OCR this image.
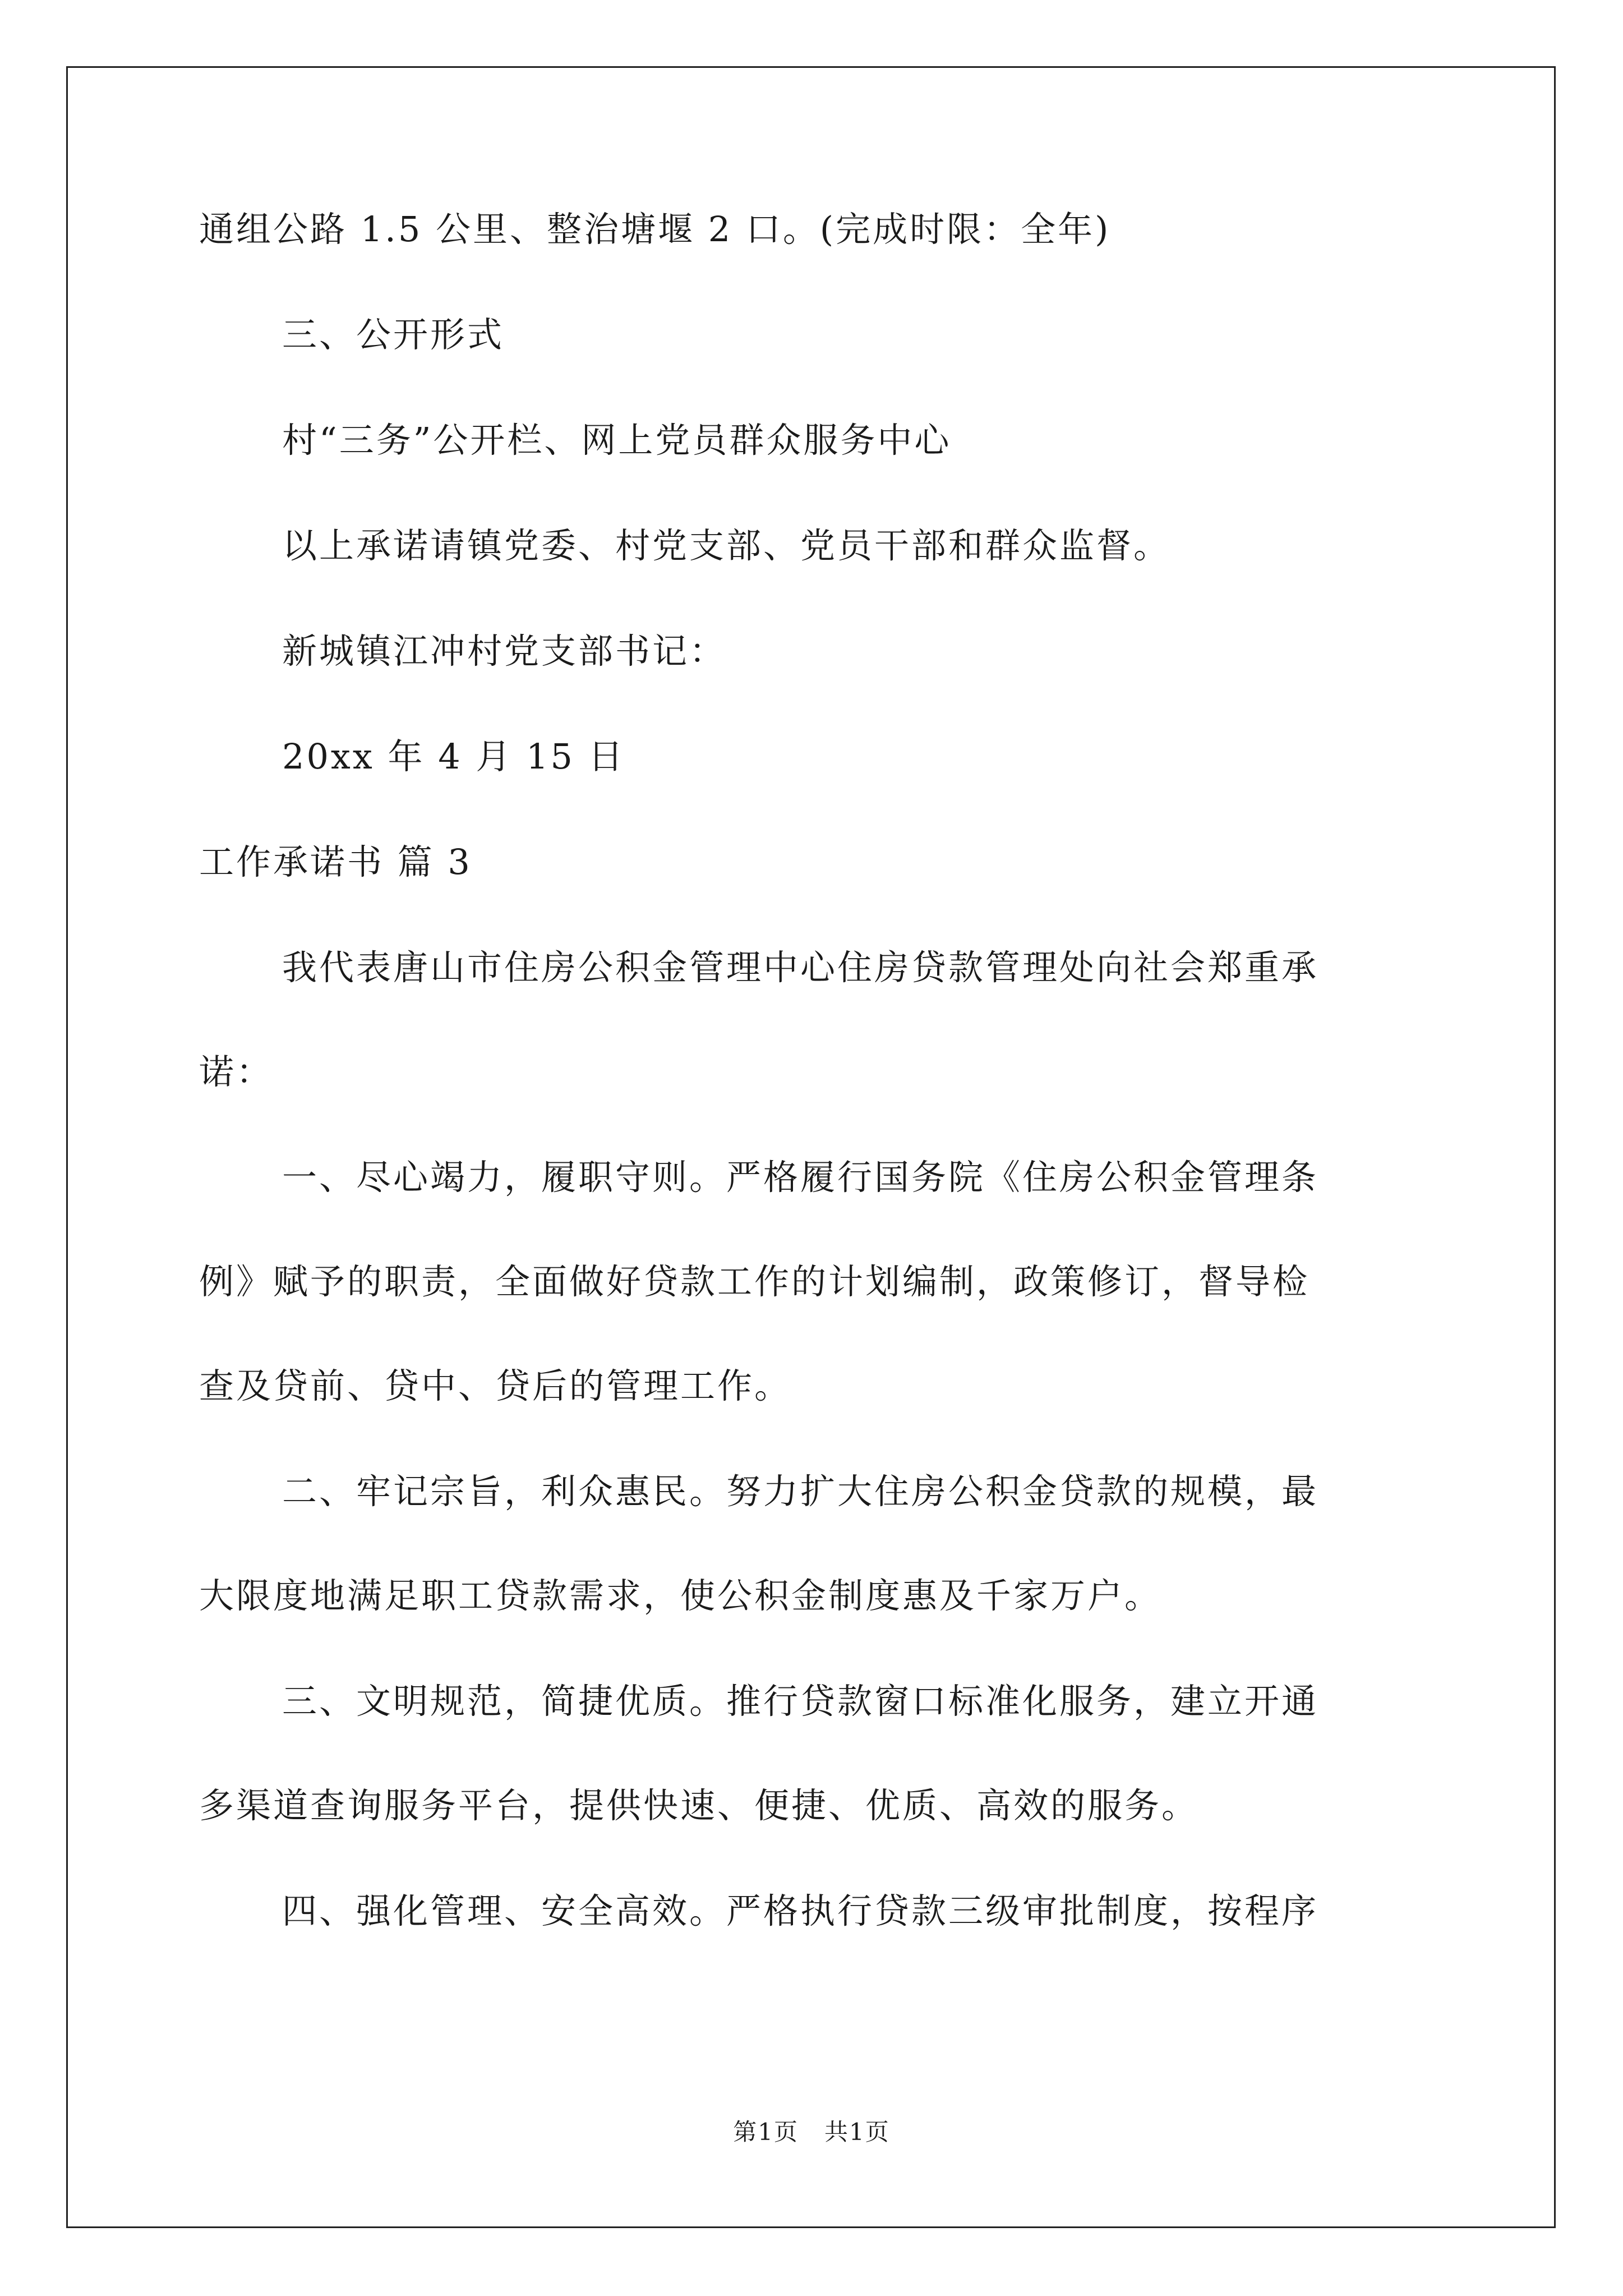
通组公路 1.5 公里、整治塘堰 2 口。(完成时限：全年)
三、公开形式
村“三务”公开栏、网上党员群众服务中心
以上承诺请镇党委、村党支部、党员干部和群众监督。
新城镇江冲村党支部书记：
20xx 年 4 月 15 日
工作承诺书 篇 3
我代表唐山市住房公积金管理中心住房贷款管理处向社会郑重承
诺：
一、尽心竭力，履职守则。严格履行国务院《住房公积金管理条
例》赋予的职责，全面做好贷款工作的计划编制，政策修订，督导检
查及贷前、贷中、贷后的管理工作。
二、牢记宗旨，利众惠民。努力扩大住房公积金贷款的规模，最
大限度地满足职工贷款需求，使公积金制度惠及千家万户。
三、文明规范，简捷优质。推行贷款窗口标准化服务，建立开通
多渠道查询服务平台，提供快速、便捷、优质、高效的服务。
四、强化管理、安全高效。严格执行贷款三级审批制度，按程序
第1页   共1页
